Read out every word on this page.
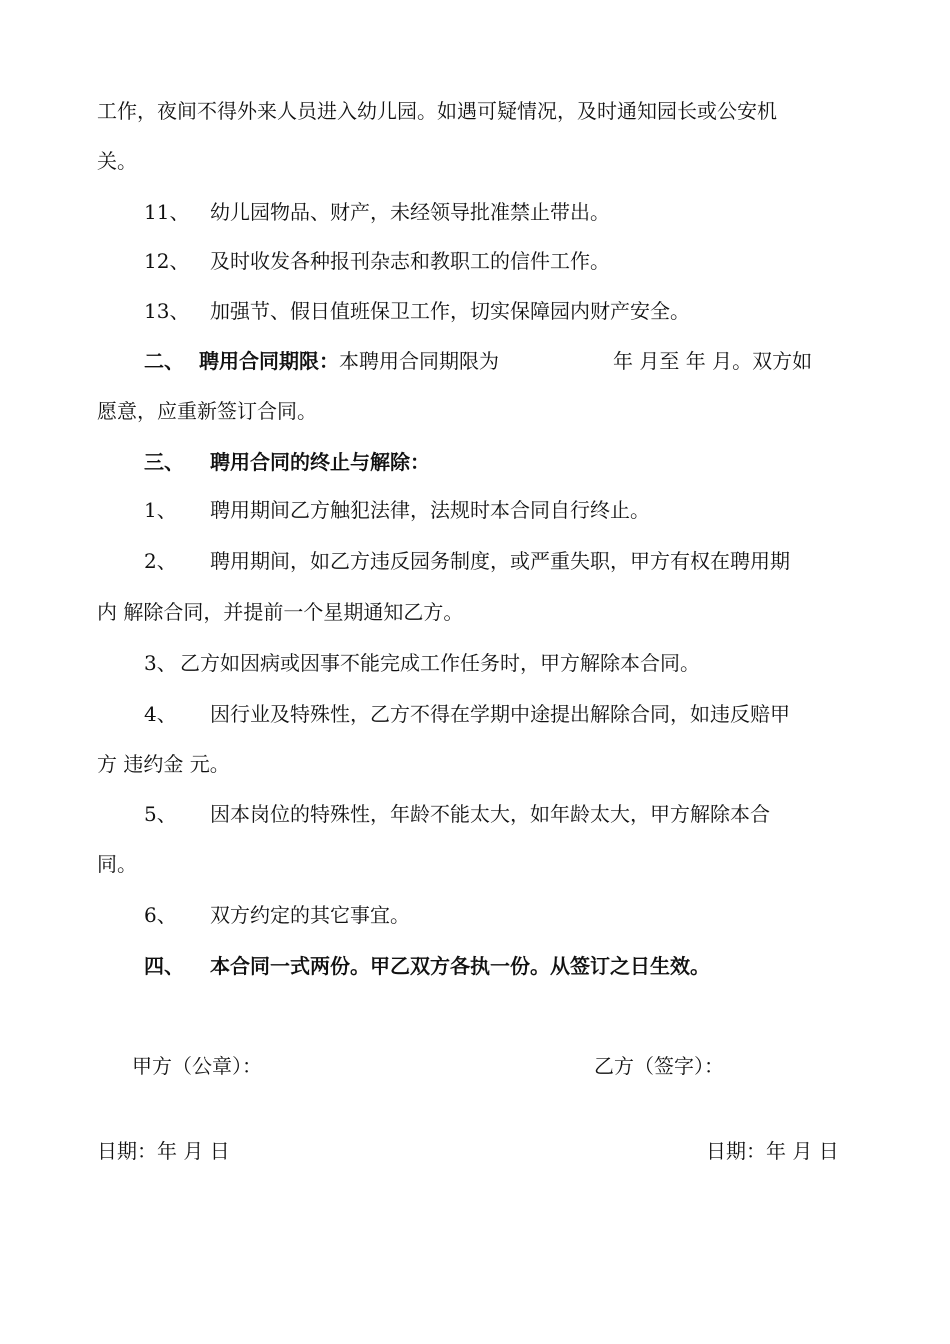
工作，夜间不得外来人员进入幼儿园。如遇可疑情况，及时通知园长或公安机
关。
11、 幼儿园物品、财产，未经领导批准禁止带出。
12、 及时收发各种报刊杂志和教职工的信件工作。
13、 加强节、假日值班保卫工作，切实保障园内财产安全。
二、 聘用合同期限：本聘用合同期限为	年 月至 年 月。双方如
愿意，应重新签订合同。
三、 聘用合同的终止与解除：
1、 聘用期间乙方触犯法律，法规时本合同自行终止。
2、 聘用期间，如乙方违反园务制度，或严重失职，甲方有权在聘用期
内 解除合同，并提前一个星期通知乙方。
3、 乙方如因病或因事不能完成工作任务时，甲方解除本合同。
4、 因行业及特殊性，乙方不得在学期中途提出解除合同，如违反赔甲
方 违约金 元。
5、 因本岗位的特殊性，年龄不能太大，如年龄太大，甲方解除本合
同。
6、 双方约定的其它事宜。
四、 本合同一式两份。甲乙双方各执一份。从签订之日生效。
甲方（公章）：	乙方（签字）：
日期：年 月 日	日期：年 月 日
